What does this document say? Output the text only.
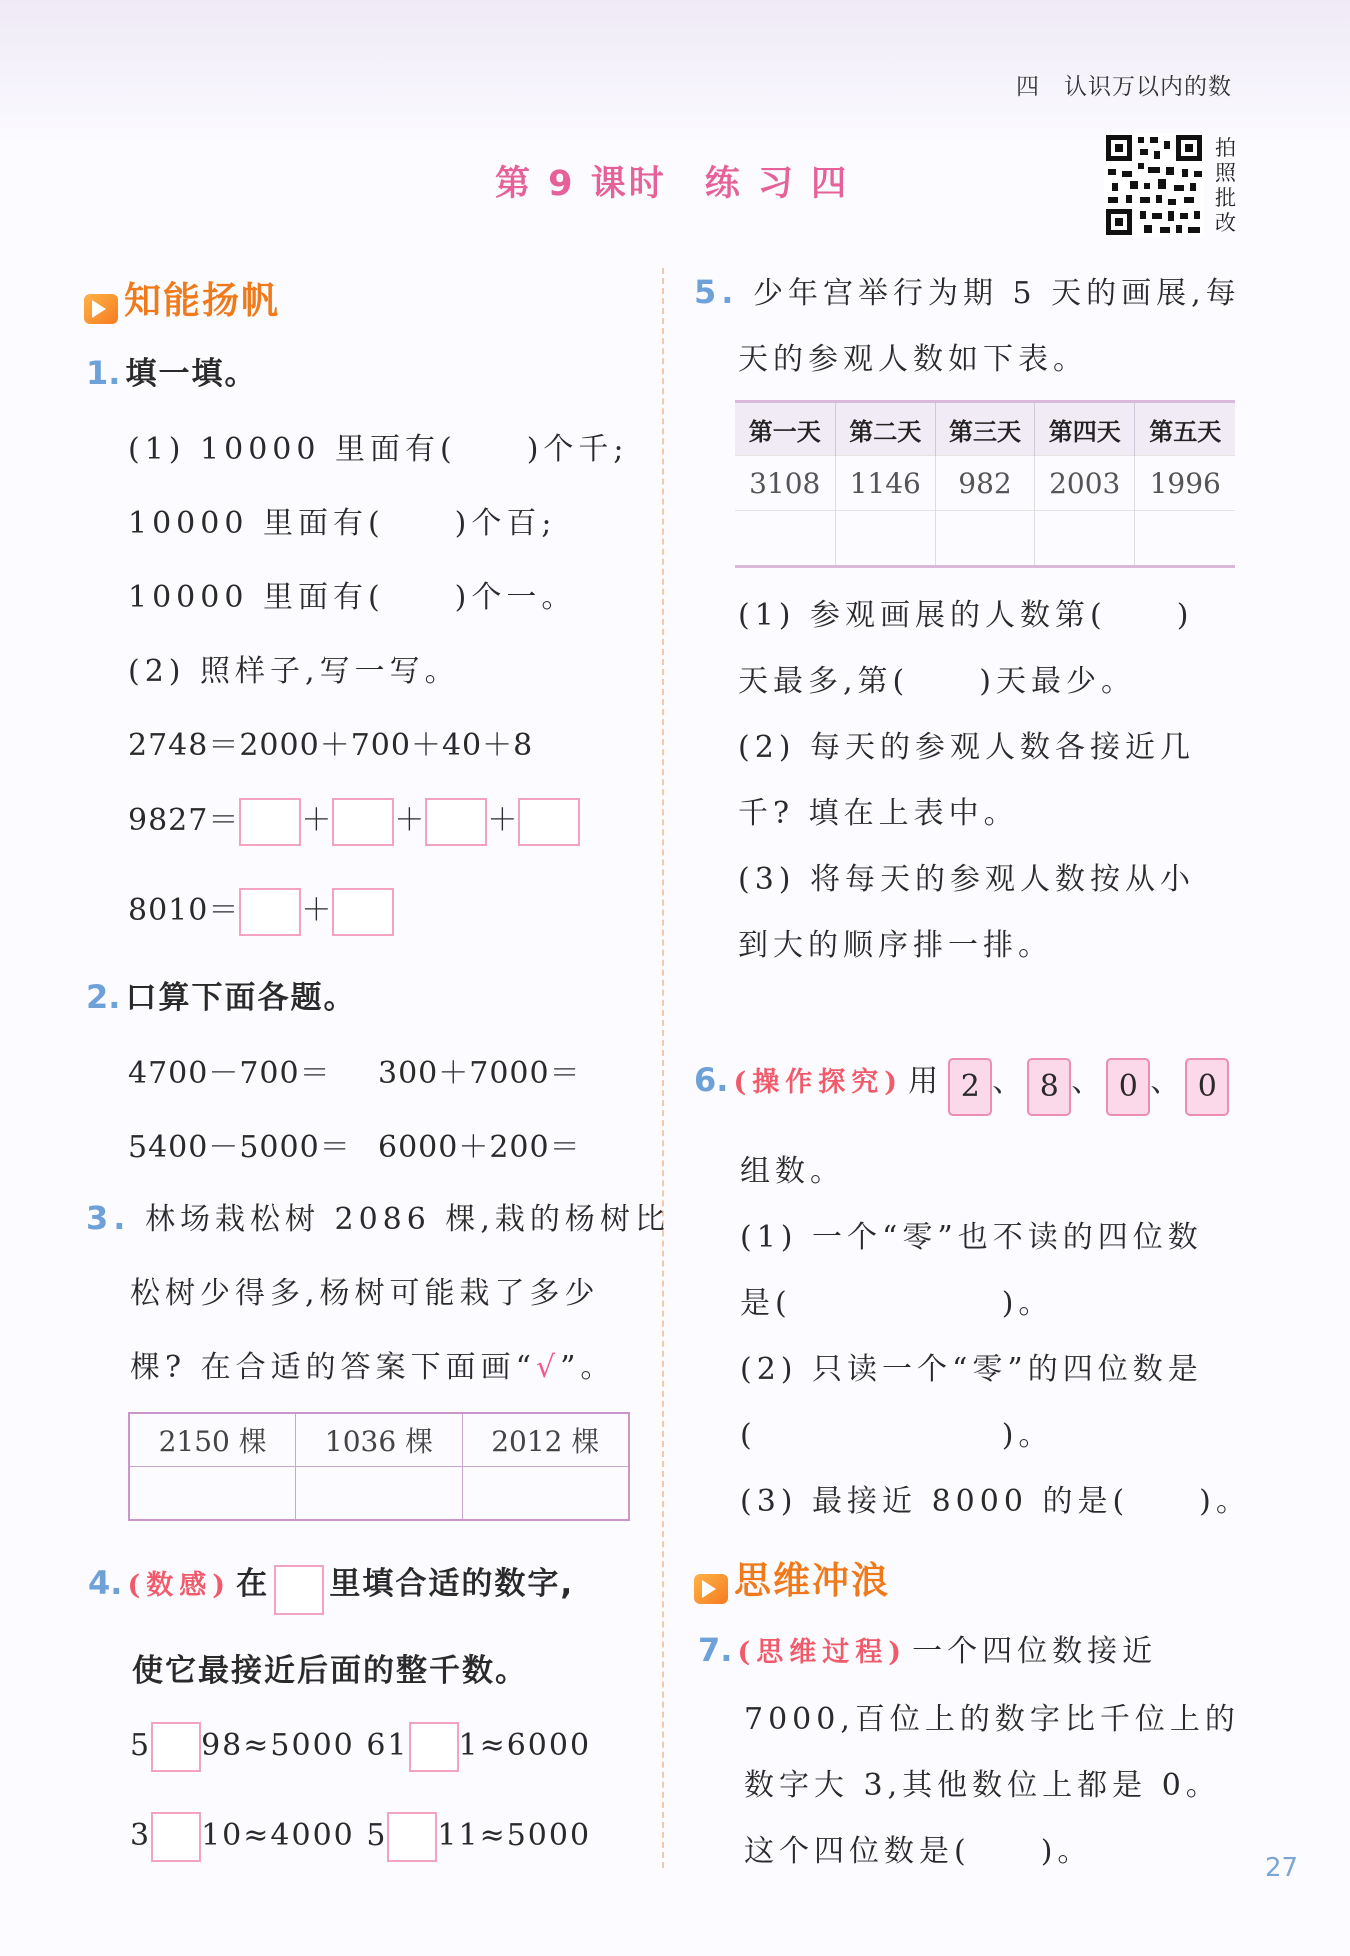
四　认识万以内的数
第 9 课时　练 习 四
拍照批改
知能扬帆
1. 填一填。
(1) 10000 里面有(　　)个千;
10000 里面有(　　)个百;
10000 里面有(　　)个一。
(2) 照样子,写一写。
2748＝2000＋700＋40＋8
9827＝ ＋ ＋ ＋
8010＝ ＋
2. 口算下面各题。
4700－700＝ 300＋7000＝
5400－5000＝ 6000＋200＝
3. 林场栽松树 2086 棵,栽的杨树比
松树少得多,杨树可能栽了多少
棵? 在合适的答案下面画“√”。
2150 棵	1036 棵	2012 棵

4. (数感) 在 里填合适的数字,
使它最接近后面的整千数。
5 98≈5000 61 1≈6000
3 10≈4000 5 11≈5000
5. 少年宫举行为期 5 天的画展,每
天的参观人数如下表。
第一天	第二天	第三天	第四天	第五天
3108	1146	982	2003	1996

(1) 参观画展的人数第(　　)
天最多,第(　　)天最少。
(2) 每天的参观人数各接近几
千? 填在上表中。
(3) 将每天的参观人数按从小
到大的顺序排一排。
6. (操作探究) 用 2 、 8 、 0 、 0
组数。
(1) 一个“零”也不读的四位数
是(　　　　　　)。
(2) 只读一个“零”的四位数是
(　　　　　　　)。
(3) 最接近 8000 的是(　　)。
思维冲浪
7. (思维过程) 一个四位数接近
7000,百位上的数字比千位上的
数字大 3,其他数位上都是 0。
这个四位数是(　　)。	27
